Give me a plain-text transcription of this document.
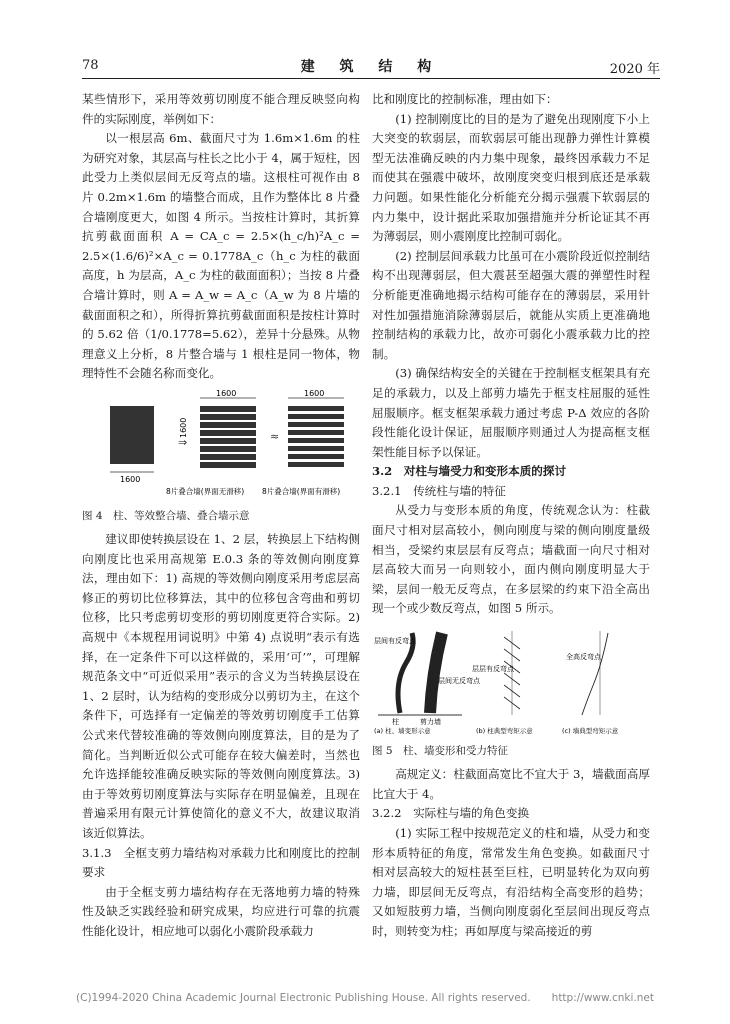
78	建 筑 结 构	2020 年

某些情形下，采用等效剪切刚度不能合理反映竖向构件的实际刚度，举例如下：

以一根层高 6m、截面尺寸为 1.6m×1.6m 的柱为研究对象，其层高与柱长之比小于 4，属于短柱，因此受力上类似层间无反弯点的墙。这根柱可视作由 8 片 0.2m×1.6m 的墙整合而成，且作为整体比 8 片叠合墙刚度更大，如图 4 所示。当按柱计算时，其折算抗剪截面面积 A = CA_c = 2.5×(h_c/h)²A_c = 2.5×(1.6/6)²×A_c = 0.1778A_c（h_c 为柱的截面高度，h 为层高，A_c 为柱的截面面积）；当按 8 片叠合墙计算时，则 A = A_w = A_c（A_w 为 8 片墙的截面面积之和），所得折算抗剪截面面积是按柱计算时的 5.62 倍（1/0.1778=5.62），差异十分悬殊。从物理意义上分析，8 片整合墙与 1 根柱是同一物体，物理特性不会随名称而变化。

1600
⇒
1600
1600	≈
1600
8片叠合墙(界面无滑移) 8片叠合墙(界面有滑移)

图 4　柱、等效整合墙、叠合墙示意

建议即使转换层设在 1、2 层，转换层上下结构侧向刚度比也采用高规第 E.0.3 条的等效侧向刚度算法，理由如下：1) 高规的等效侧向刚度采用考虑层高修正的剪切比位移算法，其中的位移包含弯曲和剪切位移，比只考虑剪切变形的剪切刚度更符合实际。2) 高规中《本规程用词说明》中第 4) 点说明“表示有选择，在一定条件下可以这样做的，采用‘可’”，可理解规范条文中“可近似采用”表示的含义为当转换层设在 1、2 层时，认为结构的变形成分以剪切为主，在这个条件下，可选择有一定偏差的等效剪切刚度手工估算公式来代替较准确的等效侧向刚度算法，目的是为了简化。当判断近似公式可能存在较大偏差时，当然也允许选择能较准确反映实际的等效侧向刚度算法。3) 由于等效剪切刚度算法与实际存在明显偏差，且现在普遍采用有限元计算使简化的意义不大，故建议取消该近似算法。

3.1.3　全框支剪力墙结构对承载力比和刚度比的控制要求

由于全框支剪力墙结构存在无落地剪力墙的特殊性及缺乏实践经验和研究成果，均应进行可靠的抗震性能化设计，相应地可以弱化小震阶段承载力

比和刚度比的控制标准，理由如下：

(1) 控制刚度比的目的是为了避免出现刚度下小上大突变的软弱层，而软弱层可能出现静力弹性计算模型无法准确反映的内力集中现象，最终因承载力不足而使其在强震中破坏，故刚度突变归根到底还是承载力问题。如果性能化分析能充分揭示强震下软弱层的内力集中，设计据此采取加强措施并分析论证其不再为薄弱层，则小震刚度比控制可弱化。

(2) 控制层间承载力比虽可在小震阶段近似控制结构不出现薄弱层，但大震甚至超强大震的弹塑性时程分析能更准确地揭示结构可能存在的薄弱层，采用针对性加强措施消除薄弱层后，就能从实质上更准确地控制结构的承载力比，故亦可弱化小震承载力比的控制。

(3) 确保结构安全的关键在于控制框支框架具有充足的承载力，以及上部剪力墙先于框支柱屈服的延性屈服顺序。框支框架承载力通过考虑 P-Δ 效应的各阶段性能化设计保证，屈服顺序则通过人为提高框支框架性能目标予以保证。

3.2　对柱与墙受力和变形本质的探讨

3.2.1　传统柱与墙的特征

从受力与变形本质的角度，传统观念认为：柱截面尺寸相对层高较小，侧向刚度与梁的侧向刚度量级相当，受梁约束层层有反弯点；墙截面一向尺寸相对层高较大而另一向则较小，面内侧向刚度明显大于梁，层间一般无反弯点，在多层梁的约束下沿全高出现一个或少数反弯点，如图 5 所示。

层间有反弯点
层间无反弯点
柱	剪力墙
层层有反弯点
全高反弯点
(a) 柱、墙变形示意	(b) 柱典型弯矩示意	(c) 墙典型弯矩示意

图 5　柱、墙变形和受力特征

高规定义：柱截面高宽比不宜大于 3，墙截面高厚比宜大于 4。

3.2.2　实际柱与墙的角色变换

(1) 实际工程中按规范定义的柱和墙，从受力和变形本质特征的角度，常常发生角色变换。如截面尺寸相对层高较大的短柱甚至巨柱，已明显转化为双向剪力墙，即层间无反弯点，有沿结构全高变形的趋势；又如短肢剪力墙，当侧向刚度弱化至层间出现反弯点时，则转变为柱；再如厚度与梁高接近的剪

(C)1994-2020 China Academic Journal Electronic Publishing House. All rights reserved.　　http://www.cnki.net
